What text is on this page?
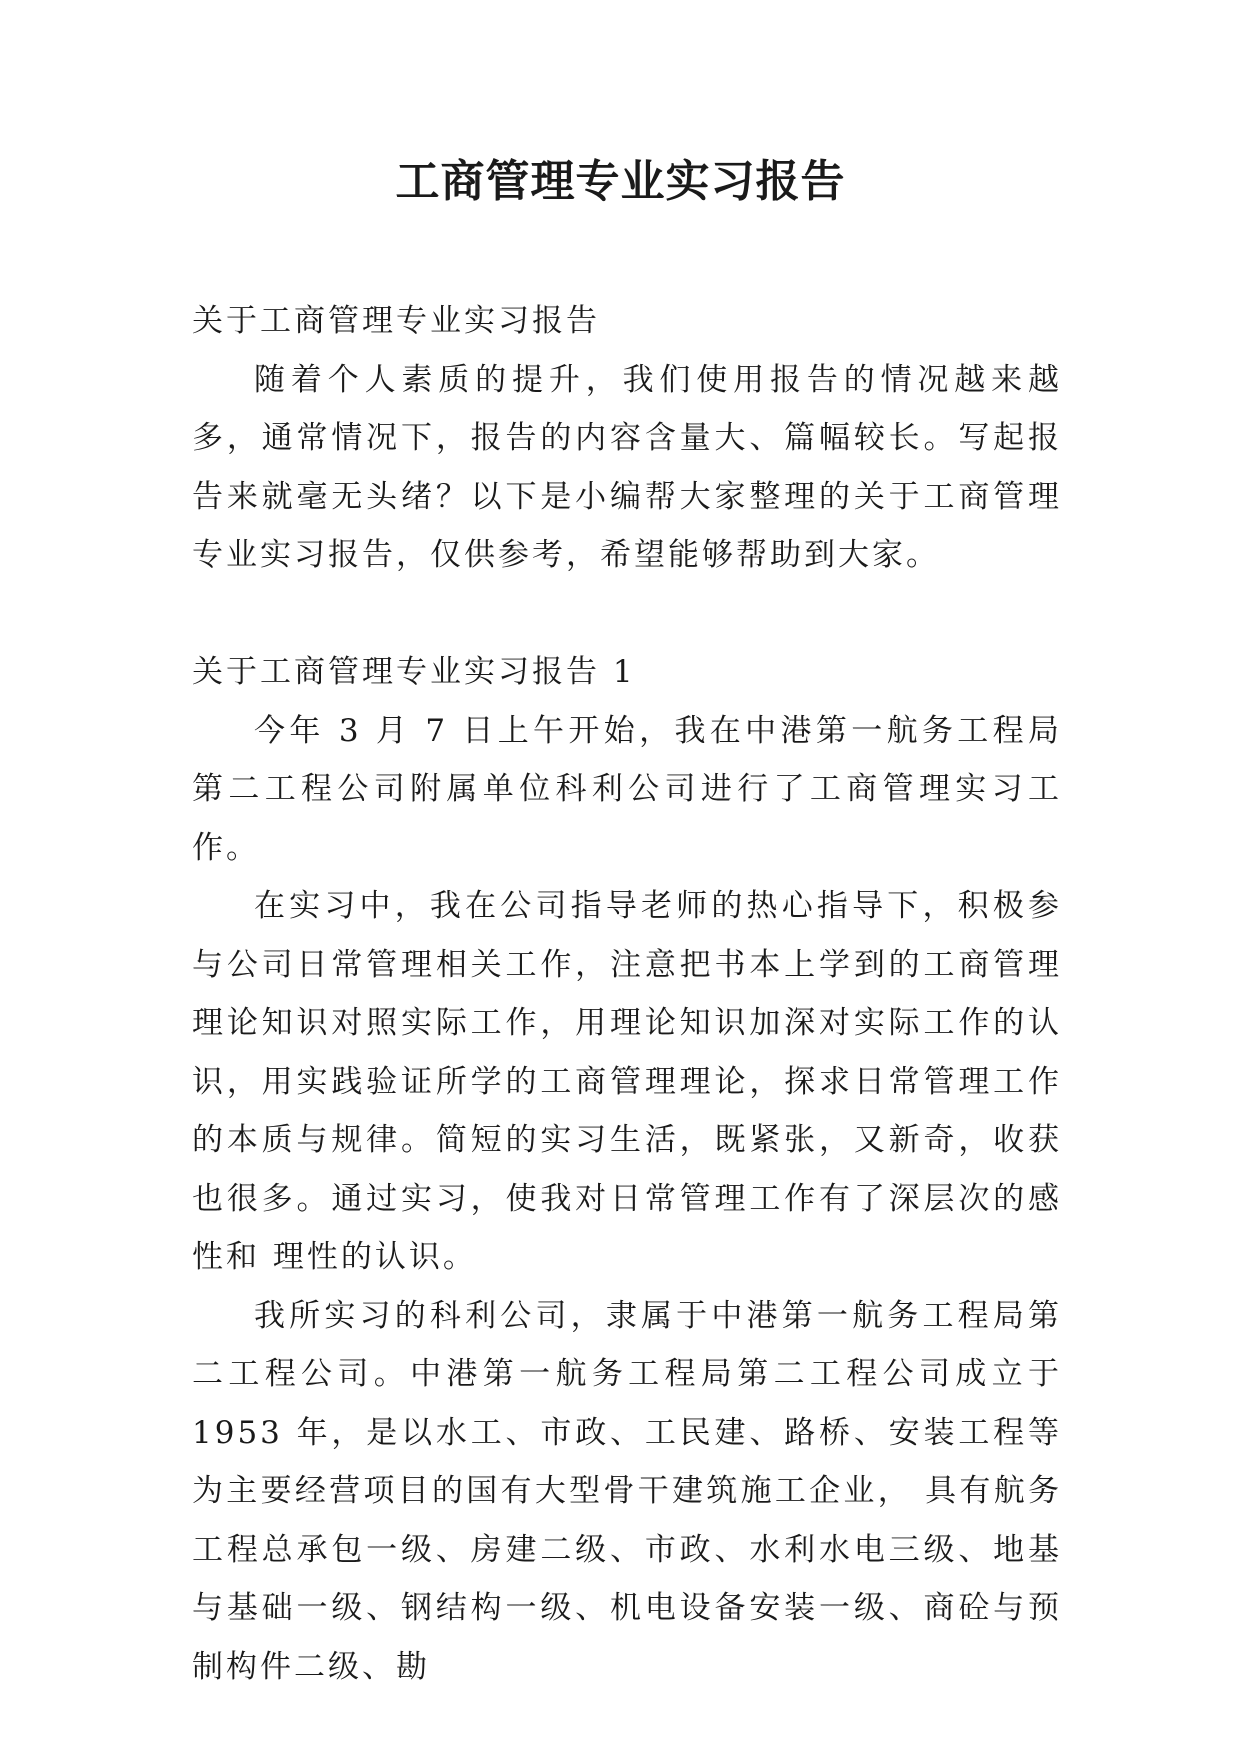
工商管理专业实习报告

关于工商管理专业实习报告

随着个人素质的提升，我们使用报告的情况越来越多，通常情况下，报告的内容含量大、篇幅较长。写起报告来就毫无头绪？以下是小编帮大家整理的关于工商管理专业实习报告，仅供参考，希望能够帮助到大家。

关于工商管理专业实习报告 1

今年 3 月 7 日上午开始，我在中港第一航务工程局第二工程公司附属单位科利公司进行了工商管理实习工作。

在实习中，我在公司指导老师的热心指导下，积极参与公司日常管理相关工作，注意把书本上学到的工商管理理论知识对照实际工作，用理论知识加深对实际工作的认识，用实践验证所学的工商管理理论，探求日常管理工作的本质与规律。简短的实习生活，既紧张，又新奇，收获也很多。通过实习，使我对日常管理工作有了深层次的感性和 理性的认识。

我所实习的科利公司，隶属于中港第一航务工程局第二工程公司。中港第一航务工程局第二工程公司成立于 1953 年，是以水工、市政、工民建、路桥、安装工程等为主要经营项目的国有大型骨干建筑施工企业， 具有航务工程总承包一级、房建二级、市政、水利水电三级、地基与基础一级、钢结构一级、机电设备安装一级、商砼与预制构件二级、勘
